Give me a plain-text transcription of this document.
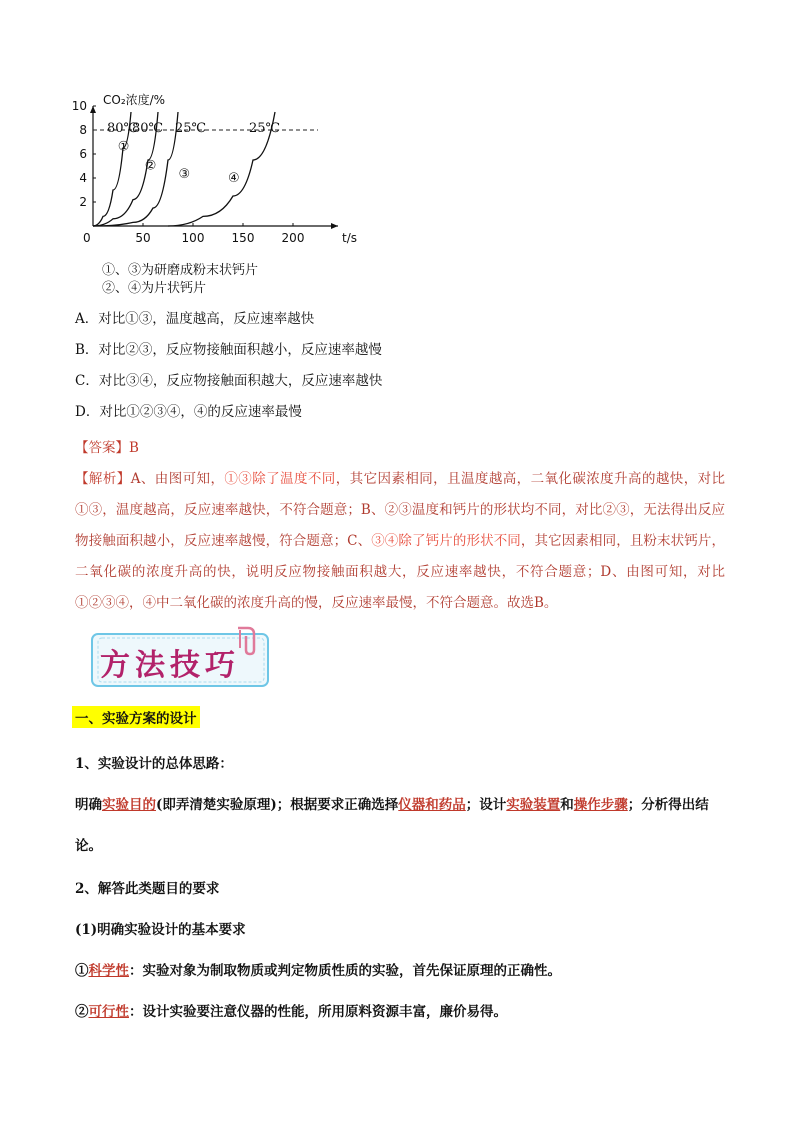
CO₂浓度/%
t/s
0	50	100 150 200
2
4
6
8
10
①
80℃
②
80℃
③
25℃
④
25℃
①、③为研磨成粉末状钙片
②、④为片状钙片
A．对比①③，温度越高，反应速率越快
B．对比②③，反应物接触面积越小，反应速率越慢
C．对比③④，反应物接触面积越大，反应速率越快
D．对比①②③④，④的反应速率最慢
【答案】B
【解析】A、由图可知，①③除了温度不同，其它因素相同，且温度越高，二氧化碳浓度升高的越快，对比①③，温度越高，反应速率越快，不符合题意；B、②③温度和钙片的形状均不同，对比②③，无法得出反应物接触面积越小，反应速率越慢，符合题意；C、③④除了钙片的形状不同，其它因素相同，且粉末状钙片，二氧化碳的浓度升高的快，说明反应物接触面积越大，反应速率越快，不符合题意；D、由图可知，对比①②③④，④中二氧化碳的浓度升高的慢，反应速率最慢，不符合题意。故选B。
方法技巧
一、实验方案的设计
1、实验设计的总体思路：
明确实验目的(即弄清楚实验原理)；根据要求正确选择仪器和药品；设计实验装置和操作步骤；分析得出结
论。
2、解答此类题目的要求
(1)明确实验设计的基本要求
①科学性：实验对象为制取物质或判定物质性质的实验，首先保证原理的正确性。
②可行性：设计实验要注意仪器的性能，所用原料资源丰富，廉价易得。
